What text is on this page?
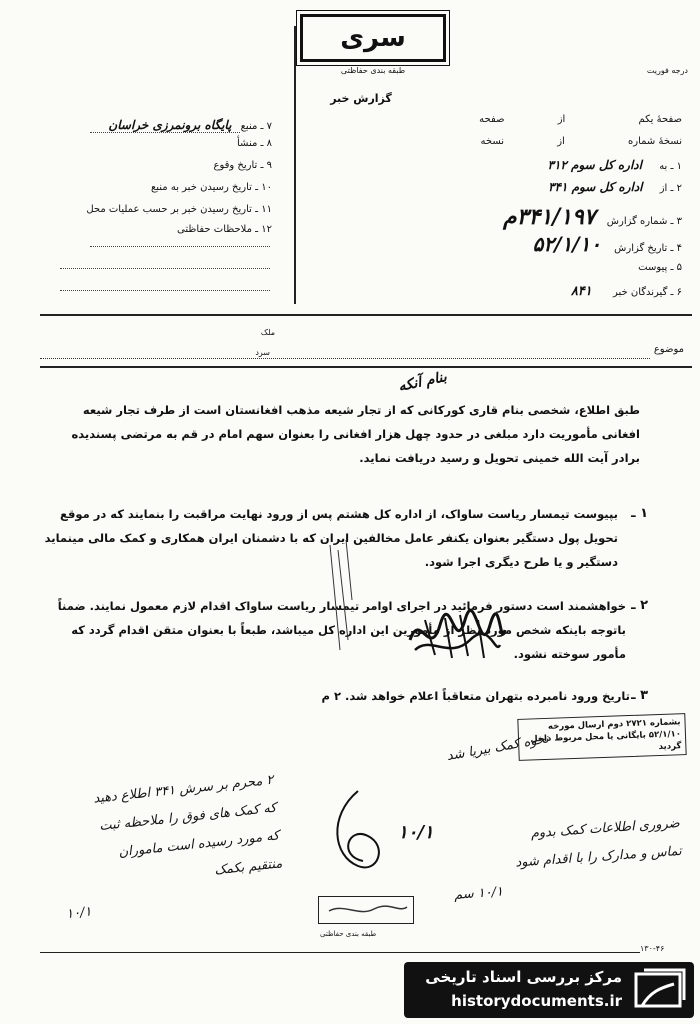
سری
طبقه بندی حفاظتی	درجه فوریت
گزارش خبر
۷ ـ منبع پایگاه برونمرزی خراسان
۸ ـ منشأ
۹ ـ تاریخ وقوع
۱۰ ـ تاریخ رسیدن خبر به منبع
۱۱ ـ تاریخ رسیدن خبر بر حسب عملیات محل
۱۲ ـ ملاحظات حفاظتی
صفحهٔ یکم از صفحه
نسخهٔ شماره از نسخه
۱ ـ به اداره کل سوم ۳۱۲
۲ ـ از اداره کل سوم ۳۴۱
۳ ـ شماره گزارش ۳۴۱/۱۹۷م
۴ ـ تاریخ گزارش ۵۲/۱/۱۰
۵ ـ پیوست
۶ ـ گیرندگان خبر ۸۴۱
موضوع
ملک
سرد
بنام آنکه
طبق اطلاع، شخصی بنام قاری کورکانی که از تجار شیعه مذهب افغانستان است از طرف تجار شیعه افغانی مأموریت دارد مبلغی در حدود چهل هزار افغانی را بعنوان سهم امام در قم به مرتضی پسندیده برادر آیت الله خمینی تحویل و رسید دریافت نماید.
۱ ـ
بپیوست تیمسار ریاست ساواک، از اداره کل هشتم پس از ورود نهایت مراقبت را بنمایند که در موقع تحویل پول دستگیر بعنوان یکنفر عامل مخالفین ایران که با دشمنان ایران همکاری و کمک مالی مینماید دستگیر و یا طرح دیگری اجرا شود.
۲ ـ
خواهشمند است دستور فرمائید در اجرای اوامر تیمسار ریاست ساواک اقدام لازم معمول نمایند. ضمناً باتوجه باینکه شخص مورد نظر از مأمورین این اداره کل میباشد، طبعاً با بعنوان متقن اقدام گردد که مأمور سوخته نشود.
۳ ـ
تاریخ ورود نامبرده بتهران متعاقباً اعلام خواهد شد. ۲ م
بشماره ۲۷۲۱ دوم ارسال مورخه ۵۲/۱/۱۰ بایگانی یا محل مربوط داخل گردید
نحوه کمک بیریا شد
۲ محرم بر سرش ۳۴۱ اطلاع دهید
که کمک های فوق را ملاحظه ثبت
که مورد رسیده است ماموران
منتقیم بکمک
۱۰/۱
ضروری اطلاعات کمک بدوم
تماس و مدارک را با اقدام شود
۱۰/۱ سم
۱۰/۱
طبقه بندی حفاظتی
۱۳۰-۴۶
مرکز بررسی اسناد تاریخی
historydocuments.ir
